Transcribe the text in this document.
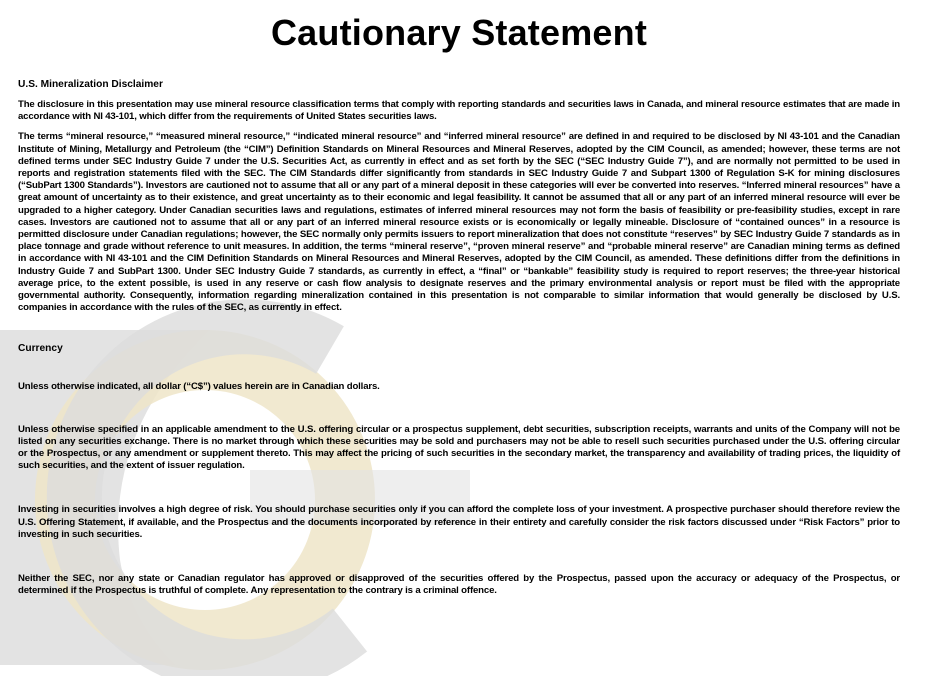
Cautionary Statement
U.S. Mineralization Disclaimer

The disclosure in this presentation may use mineral resource classification terms that comply with reporting standards and securities laws in Canada, and mineral resource estimates that are made in accordance with NI 43-101, which differ from the requirements of United States securities laws.

The terms “mineral resource,” “measured mineral resource,” “indicated mineral resource” and “inferred mineral resource” are defined in and required to be disclosed by NI 43-101 and the Canadian Institute of Mining, Metallurgy and Petroleum (the “CIM”) Definition Standards on Mineral Resources and Mineral Reserves, adopted by the CIM Council, as amended; however, these terms are not defined terms under SEC Industry Guide 7 under the U.S. Securities Act, as currently in effect and as set forth by the SEC (“SEC Industry Guide 7”), and are normally not permitted to be used in reports and registration statements filed with the SEC. The CIM Standards differ significantly from standards in SEC Industry Guide 7 and Subpart 1300 of Regulation S-K for mining disclosures (“SubPart 1300 Standards”). Investors are cautioned not to assume that all or any part of a mineral deposit in these categories will ever be converted into reserves. “Inferred mineral resources” have a great amount of uncertainty as to their existence, and great uncertainty as to their economic and legal feasibility. It cannot be assumed that all or any part of an inferred mineral resource will ever be upgraded to a higher category. Under Canadian securities laws and regulations, estimates of inferred mineral resources may not form the basis of feasibility or pre-feasibility studies, except in rare cases. Investors are cautioned not to assume that all or any part of an inferred mineral resource exists or is economically or legally mineable. Disclosure of “contained ounces” in a resource is permitted disclosure under Canadian regulations; however, the SEC normally only permits issuers to report mineralization that does not constitute “reserves” by SEC Industry Guide 7 standards as in place tonnage and grade without reference to unit measures. In addition, the terms “mineral reserve”, “proven mineral reserve” and “probable mineral reserve” are Canadian mining terms as defined in accordance with NI 43-101 and the CIM Definition Standards on Mineral Resources and Mineral Reserves, adopted by the CIM Council, as amended. These definitions differ from the definitions in Industry Guide 7 and SubPart 1300. Under SEC Industry Guide 7 standards, as currently in effect, a “final” or “bankable” feasibility study is required to report reserves; the three-year historical average price, to the extent possible, is used in any reserve or cash flow analysis to designate reserves and the primary environmental analysis or report must be filed with the appropriate governmental authority. Consequently, information regarding mineralization contained in this presentation is not comparable to similar information that would generally be disclosed by U.S. companies in accordance with the rules of the SEC, as currently in effect.

Currency

Unless otherwise indicated, all dollar (“C$”) values herein are in Canadian dollars.

Unless otherwise specified in an applicable amendment to the U.S. offering circular or a prospectus supplement, debt securities, subscription receipts, warrants and units of the Company will not be listed on any securities exchange. There is no market through which these securities may be sold and purchasers may not be able to resell such securities purchased under the U.S. offering circular or the Prospectus, or any amendment or supplement thereto. This may affect the pricing of such securities in the secondary market, the transparency and availability of trading prices, the liquidity of such securities, and the extent of issuer regulation.

Investing in securities involves a high degree of risk. You should purchase securities only if you can afford the complete loss of your investment. A prospective purchaser should therefore review the U.S. Offering Statement, if available, and the Prospectus and the documents incorporated by reference in their entirety and carefully consider the risk factors discussed under “Risk Factors” prior to investing in such securities.

Neither the SEC, nor any state or Canadian regulator has approved or disapproved of the securities offered by the Prospectus, passed upon the accuracy or adequacy of the Prospectus, or determined if the Prospectus is truthful of complete. Any representation to the contrary is a criminal offence.
